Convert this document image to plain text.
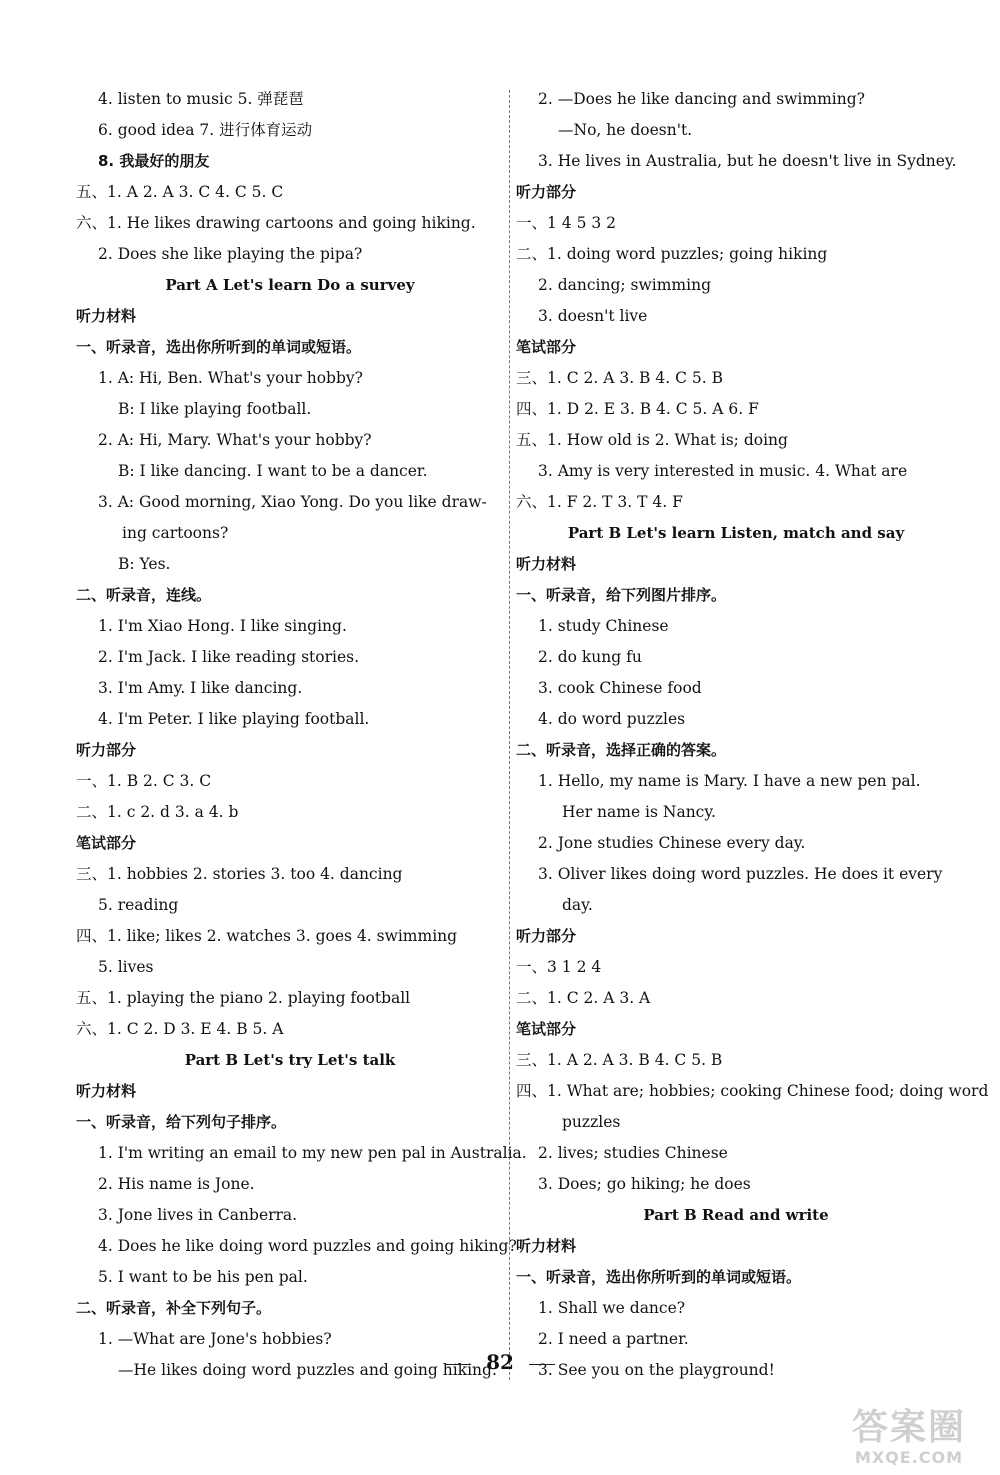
4. listen to music 5. 弹琵琶
6. good idea 7. 进行体育运动
8. 我最好的朋友
五、1. A 2. A 3. C 4. C 5. C
六、1. He likes drawing cartoons and going hiking.
2. Does she like playing the pipa?
Part A Let's learn Do a survey
听力材料
一、听录音，选出你所听到的单词或短语。
1. A: Hi, Ben. What's your hobby?
B: I like playing football.
2. A: Hi, Mary. What's your hobby?
B: I like dancing. I want to be a dancer.
3. A: Good morning, Xiao Yong. Do you like draw-
ing cartoons?
B: Yes.
二、听录音，连线。
1. I'm Xiao Hong. I like singing.
2. I'm Jack. I like reading stories.
3. I'm Amy. I like dancing.
4. I'm Peter. I like playing football.
听力部分
一、1. B 2. C 3. C
二、1. c 2. d 3. a 4. b
笔试部分
三、1. hobbies 2. stories 3. too 4. dancing
5. reading
四、1. like; likes 2. watches 3. goes 4. swimming
5. lives
五、1. playing the piano 2. playing football
六、1. C 2. D 3. E 4. B 5. A
Part B Let's try Let's talk
听力材料
一、听录音，给下列句子排序。
1. I'm writing an email to my new pen pal in Australia.
2. His name is Jone.
3. Jone lives in Canberra.
4. Does he like doing word puzzles and going hiking?
5. I want to be his pen pal.
二、听录音，补全下列句子。
1. —What are Jone's hobbies?
—He likes doing word puzzles and going hiking.
2. —Does he like dancing and swimming?
—No, he doesn't.
3. He lives in Australia, but he doesn't live in Sydney.
听力部分
一、1 4 5 3 2
二、1. doing word puzzles; going hiking
2. dancing; swimming
3. doesn't live
笔试部分
三、1. C 2. A 3. B 4. C 5. B
四、1. D 2. E 3. B 4. C 5. A 6. F
五、1. How old is 2. What is; doing
3. Amy is very interested in music. 4. What are
六、1. F 2. T 3. T 4. F
Part B Let's learn Listen, match and say
听力材料
一、听录音，给下列图片排序。
1. study Chinese
2. do kung fu
3. cook Chinese food
4. do word puzzles
二、听录音，选择正确的答案。
1. Hello, my name is Mary. I have a new pen pal.
Her name is Nancy.
2. Jone studies Chinese every day.
3. Oliver likes doing word puzzles. He does it every
day.
听力部分
一、3 1 2 4
二、1. C 2. A 3. A
笔试部分
三、1. A 2. A 3. B 4. C 5. B
四、1. What are; hobbies; cooking Chinese food; doing word
puzzles
2. lives; studies Chinese
3. Does; go hiking; he does
Part B Read and write
听力材料
一、听录音，选出你所听到的单词或短语。
1. Shall we dance?
2. I need a partner.
3. See you on the playground!
82
答案圈
MXQE.COM
